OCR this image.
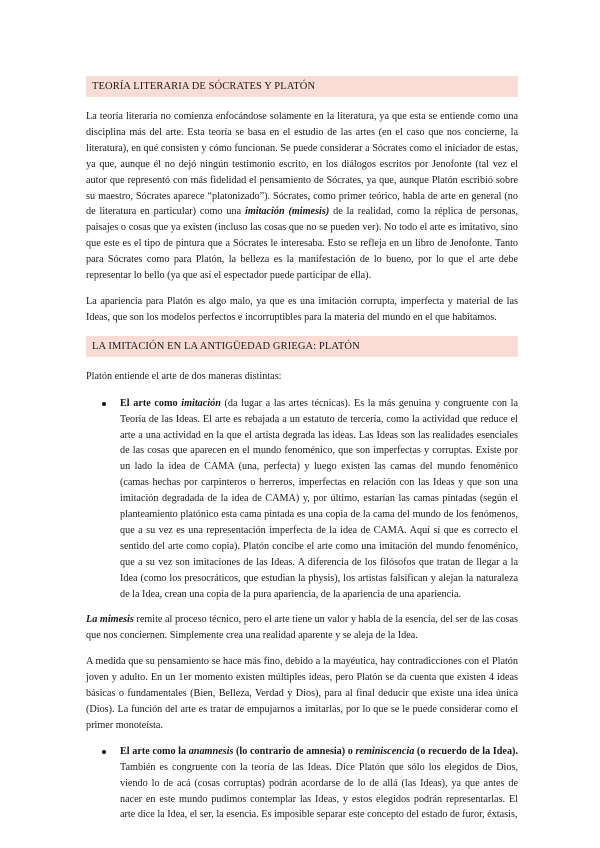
TEORÍA LITERARIA DE SÓCRATES Y PLATÓN

La teoría literaria no comienza enfocándose solamente en la literatura, ya que esta se entiende como una disciplina más del arte. Esta teoría se basa en el estudio de las artes (en el caso que nos concierne, la literatura), en qué consisten y cómo funcionan. Se puede considerar a Sócrates como el iniciador de estas, ya que, aunque él no dejó ningún testimonio escrito, en los diálogos escritos por Jenofonte (tal vez el autor que representó con más fidelidad el pensamiento de Sócrates, ya que, aunque Platón escribió sobre su maestro, Sócrates aparece “platonizado”). Sócrates, como primer teórico, habla de arte en general (no de literatura en particular) como una imitación (mimesis) de la realidad, como la réplica de personas, paisajes o cosas que ya existen (incluso las cosas que no se pueden ver). No todo el arte es imitativo, sino que este es el tipo de pintura que a Sócrates le interesaba. Esto se refleja en un libro de Jenofonte. Tanto para Sócrates como para Platón, la belleza es la manifestación de lo bueno, por lo que el arte debe representar lo bello (ya que así el espectador puede participar de ella).

La apariencia para Platón es algo malo, ya que es una imitación corrupta, imperfecta y material de las Ideas, que son los modelos perfectos e incorruptibles para la materia del mundo en el que habitamos.

LA IMITACIÓN EN LA ANTIGÜEDAD GRIEGA: PLATÓN
Platón entiende el arte de dos maneras distintas:
El arte como imitación (da lugar a las artes técnicas). Es la más genuina y congruente con la Teoría de las Ideas. El arte es rebajada a un estatuto de tercería, como la actividad que reduce el arte a una actividad en la que el artista degrada las ideas. Las Ideas son las realidades esenciales de las cosas que aparecen en el mundo fenoménico, que son imperfectas y corruptas. Existe por un lado la idea de CAMA (una, perfecta) y luego existen las camas del mundo fenoménico (camas hechas por carpinteros o herreros, imperfectas en relación con las Ideas y que son una imitación degradada de la idea de CAMA) y, por último, estarían las camas pintadas (según el planteamiento platónico esta cama pintada es una copia de la cama del mundo de los fenómenos, que a su vez es una representación imperfecta de la idea de CAMA. Aquí sí que es correcto el sentido del arte como copia). Platón concibe el arte como una imitación del mundo fenoménico, que a su vez son imitaciones de las Ideas. A diferencia de los filósofos que tratan de llegar a la Idea (como los presocráticos, que estudian la physis), los artistas falsifican y alejan la naturaleza de la Idea, crean una copia de la pura apariencia, de la apariencia de una apariencia.

La mimesis remite al proceso técnico, pero el arte tiene un valor y habla de la esencia, del ser de las cosas que nos conciernen. Simplemente crea una realidad aparente y se aleja de la Idea.

A medida que su pensamiento se hace más fino, debido a la mayéutica, hay contradicciones con el Platón joven y adulto. En un 1er momento existen múltiples ideas, pero Platón se da cuenta que existen 4 ideas básicas o fundamentales (Bien, Belleza, Verdad y Dios), para al final deducir que existe una idea única (Dios). La función del arte es tratar de empujarnos a imitarlas, por lo que se le puede considerar como el primer monoteísta.

El arte como la anamnesis (lo contrario de amnesia) o reminiscencia (o recuerdo de la Idea). También es congruente con la teoría de las Ideas. Dice Platón que sólo los elegidos de Dios, viendo lo de acá (cosas corruptas) podrán acordarse de lo de allá (las Ideas), ya que antes de nacer en este mundo pudimos contemplar las Ideas, y estos elegidos podrán representarlas. El arte dice la Idea, el ser, la esencia. Es imposible separar este concepto del estado de furor, éxtasis,
